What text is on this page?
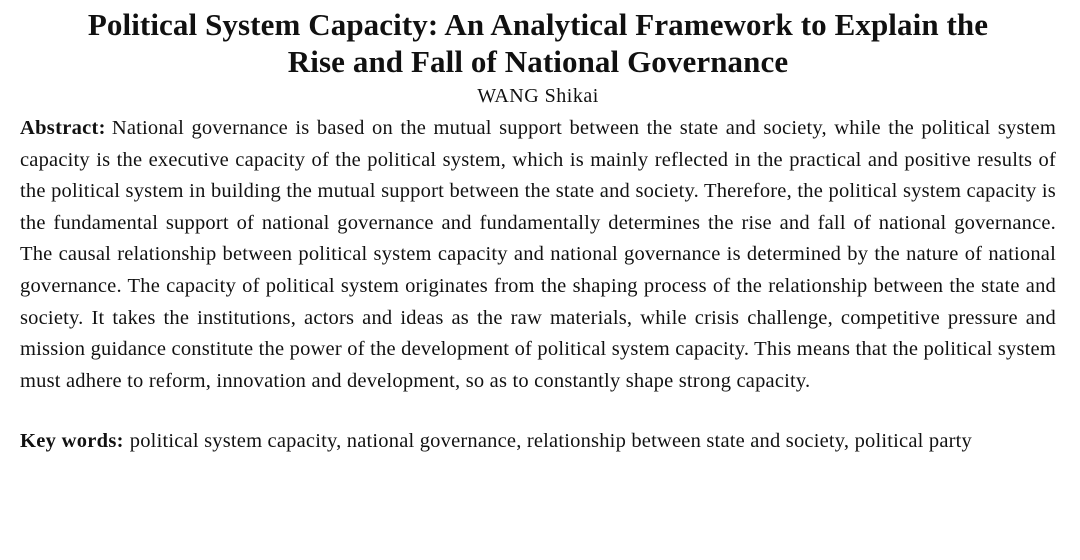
Political System Capacity: An Analytical Framework to Explain the
Rise and Fall of National Governance
WANG Shikai

Abstract: National governance is based on the mutual support between the state and society, while the political system capacity is the executive capacity of the political system, which is mainly reflected in the practical and positive results of the political system in building the mutual support between the state and society. Therefore, the political system capacity is the fundamental support of national governance and fundamentally determines the rise and fall of national governance. The causal relationship between political system capacity and national governance is determined by the nature of national governance. The capacity of political system originates from the shaping process of the relationship between the state and society. It takes the institutions, actors and ideas as the raw materials, while crisis challenge, competitive pressure and mission guidance constitute the power of the development of political system capacity. This means that the political system must adhere to reform, innovation and development, so as to constantly shape strong capacity.

Key words: political system capacity, national governance, relationship between state and society, political party
